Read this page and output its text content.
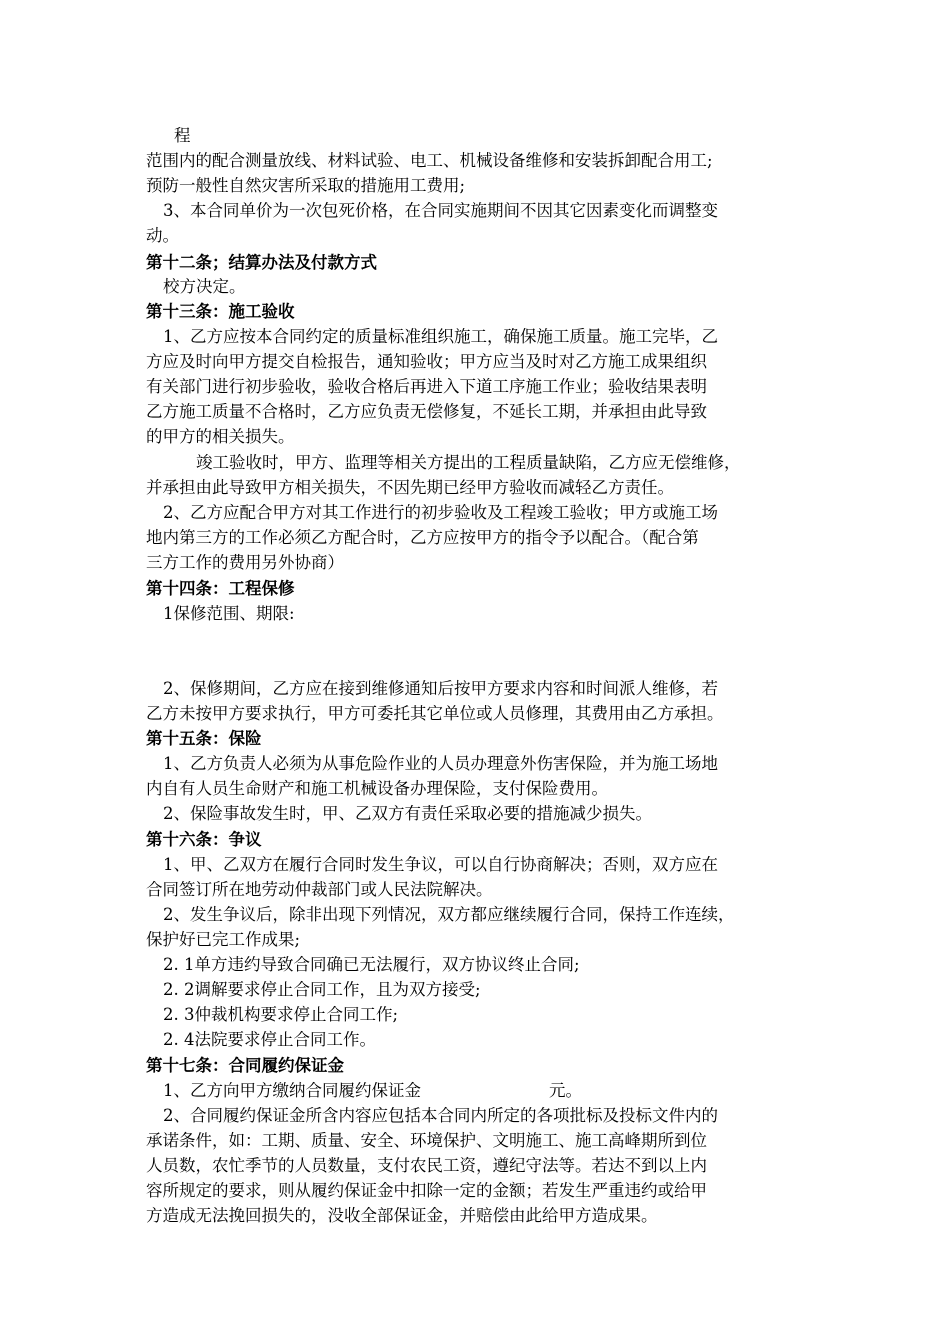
程
范围内的配合测量放线、材料试验、电工、机械设备维修和安装拆卸配合用工;
预防一般性自然灾害所采取的措施用工费用;
3、本合同单价为一次包死价格，在合同实施期间不因其它因素变化而调整变
动。
第十二条；结算办法及付款方式
校方决定。
第十三条：施工验收
1、乙方应按本合同约定的质量标准组织施工，确保施工质量。施工完毕，乙
方应及时向甲方提交自检报告，通知验收；甲方应当及时对乙方施工成果组织
有关部门进行初步验收，验收合格后再进入下道工序施工作业；验收结果表明
乙方施工质量不合格时，乙方应负责无偿修复，不延长工期，并承担由此导致
的甲方的相关损失。
竣工验收时，甲方、监理等相关方提出的工程质量缺陷，乙方应无偿维修，
并承担由此导致甲方相关损失，不因先期已经甲方验收而减轻乙方责任。
2、乙方应配合甲方对其工作进行的初步验收及工程竣工验收；甲方或施工场
地内第三方的工作必须乙方配合时，乙方应按甲方的指令予以配合。（配合第
三方工作的费用另外协商）
第十四条：工程保修
1保修范围、期限:
2、保修期间，乙方应在接到维修通知后按甲方要求内容和时间派人维修，若
乙方未按甲方要求执行，甲方可委托其它单位或人员修理，其费用由乙方承担。
第十五条：保险
1、乙方负责人必须为从事危险作业的人员办理意外伤害保险，并为施工场地
内自有人员生命财产和施工机械设备办理保险，支付保险费用。
2、保险事故发生时，甲、乙双方有责任采取必要的措施减少损失。
第十六条：争议
1、甲、乙双方在履行合同时发生争议，可以自行协商解决；否则，双方应在
合同签订所在地劳动仲裁部门或人民法院解决。
2、发生争议后，除非出现下列情况，双方都应继续履行合同，保持工作连续，
保护好已完工作成果;
2. 1单方违约导致合同确已无法履行，双方协议终止合同;
2. 2调解要求停止合同工作，且为双方接受;
2. 3仲裁机构要求停止合同工作;
2. 4法院要求停止合同工作。
第十七条：合同履约保证金
1、乙方向甲方缴纳合同履约保证金	元。
2、合同履约保证金所含内容应包括本合同内所定的各项批标及投标文件内的
承诺条件，如：工期、质量、安全、环境保护、文明施工、施工高峰期所到位
人员数，农忙季节的人员数量，支付农民工资，遵纪守法等。若达不到以上内
容所规定的要求，则从履约保证金中扣除一定的金额；若发生严重违约或给甲
方造成无法挽回损失的，没收全部保证金，并赔偿由此给甲方造成果。
